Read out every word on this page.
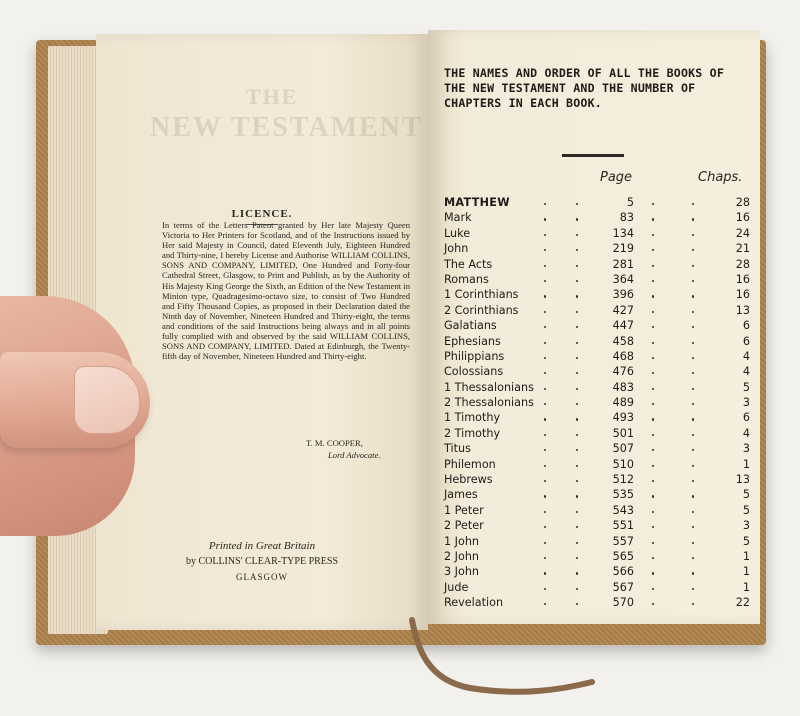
THE
NEW TESTAMENT
LICENCE.
In terms of the Letters Patent granted by Her late Majesty Queen Victoria to Her Printers for Scotland, and of the Instructions issued by Her said Majesty in Council, dated Eleventh July, Eighteen Hundred and Thirty-nine, I hereby License and Authorise WILLIAM COLLINS, SONS AND COMPANY, LIMITED, One Hundred and Forty-four Cathedral Street, Glasgow, to Print and Publish, as by the Authority of His Majesty King George the Sixth, an Edition of the New Testament in Minion type, Quadragesimo-octavo size, to consist of Two Hundred and Fifty Thousand Copies, as proposed in their Declaration dated the Ninth day of November, Nineteen Hundred and Thirty-eight, the terms and conditions of the said Instructions being always and in all points fully complied with and observed by the said WILLIAM COLLINS, SONS AND COMPANY, LIMITED. Dated at Edinburgh, the Twenty-fifth day of November, Nineteen Hundred and Thirty-eight.
T. M. COOPER,
Lord Advocate.
Printed in Great Britain
by COLLINS' CLEAR-TYPE PRESS
GLASGOW
THE NAMES AND ORDER OF ALL THE BOOKS OF THE NEW TESTAMENT AND THE NUMBER OF CHAPTERS IN EACH BOOK.
Page	Chaps.
MATTHEW	5	28
Mark	83	16
Luke	134	24
John	219	21
The Acts	281	28
Romans	364	16
1 Corinthians	396	16
2 Corinthians	427	13
Galatians	447	6
Ephesians	458	6
Philippians	468	4
Colossians	476	4
1 Thessalonians	483	5
2 Thessalonians	489	3
1 Timothy	493	6
2 Timothy	501	4
Titus	507	3
Philemon	510	1
Hebrews	512	13
James	535	5
1 Peter	543	5
2 Peter	551	3
1 John	557	5
2 John	565	1
3 John	566	1
Jude	567	1
Revelation	570	22
